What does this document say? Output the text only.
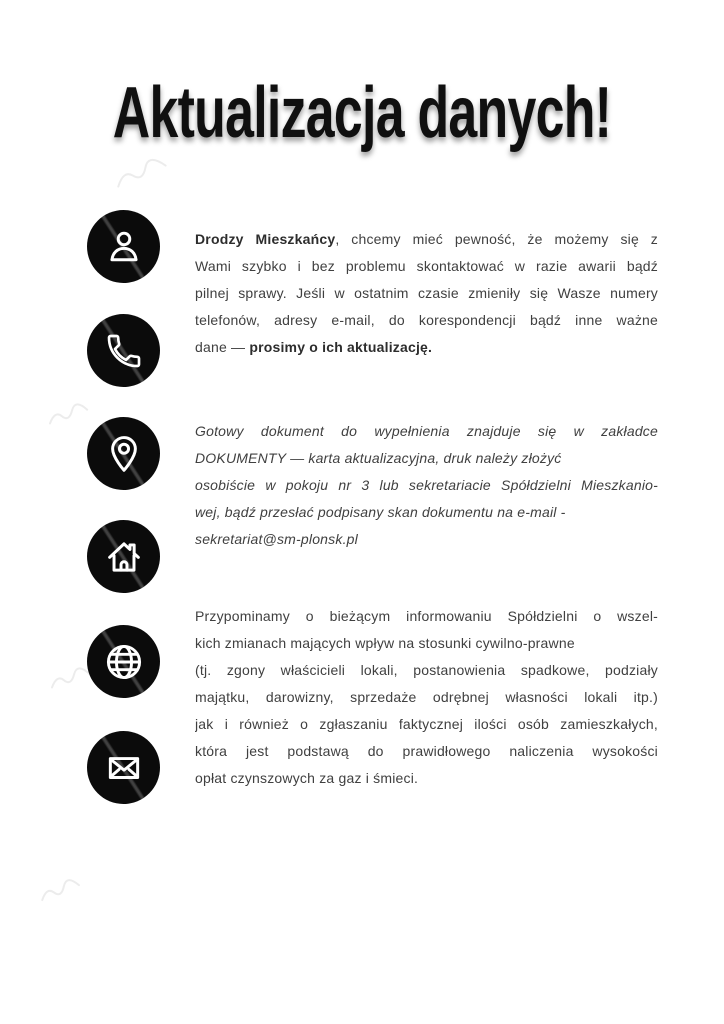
Aktualizacja danych!
Drodzy Mieszkańcy, chcemy mieć pewność, że możemy się z
Wami szybko i bez problemu skontaktować w razie awarii bądź
pilnej sprawy. Jeśli w ostatnim czasie zmieniły się Wasze numery
telefonów, adresy e-mail, do korespondencji bądź inne ważne
dane — prosimy o ich aktualizację.
Gotowy dokument do wypełnienia znajduje się w zakładce
DOKUMENTY — karta aktualizacyjna, druk należy złożyć
osobiście w pokoju nr 3 lub sekretariacie Spółdzielni Mieszkanio-
wej, bądź przesłać podpisany skan dokumentu na e-mail -
sekretariat@sm-plonsk.pl
Przypominamy o bieżącym informowaniu Spółdzielni o wszel-
kich zmianach mających wpływ na stosunki cywilno-prawne
(tj. zgony właścicieli lokali, postanowienia spadkowe, podziały
majątku, darowizny, sprzedaże odrębnej własności lokali itp.)
jak i również o zgłaszaniu faktycznej ilości osób zamieszkałych,
która jest podstawą do prawidłowego naliczenia wysokości
opłat czynszowych za gaz i śmieci.
